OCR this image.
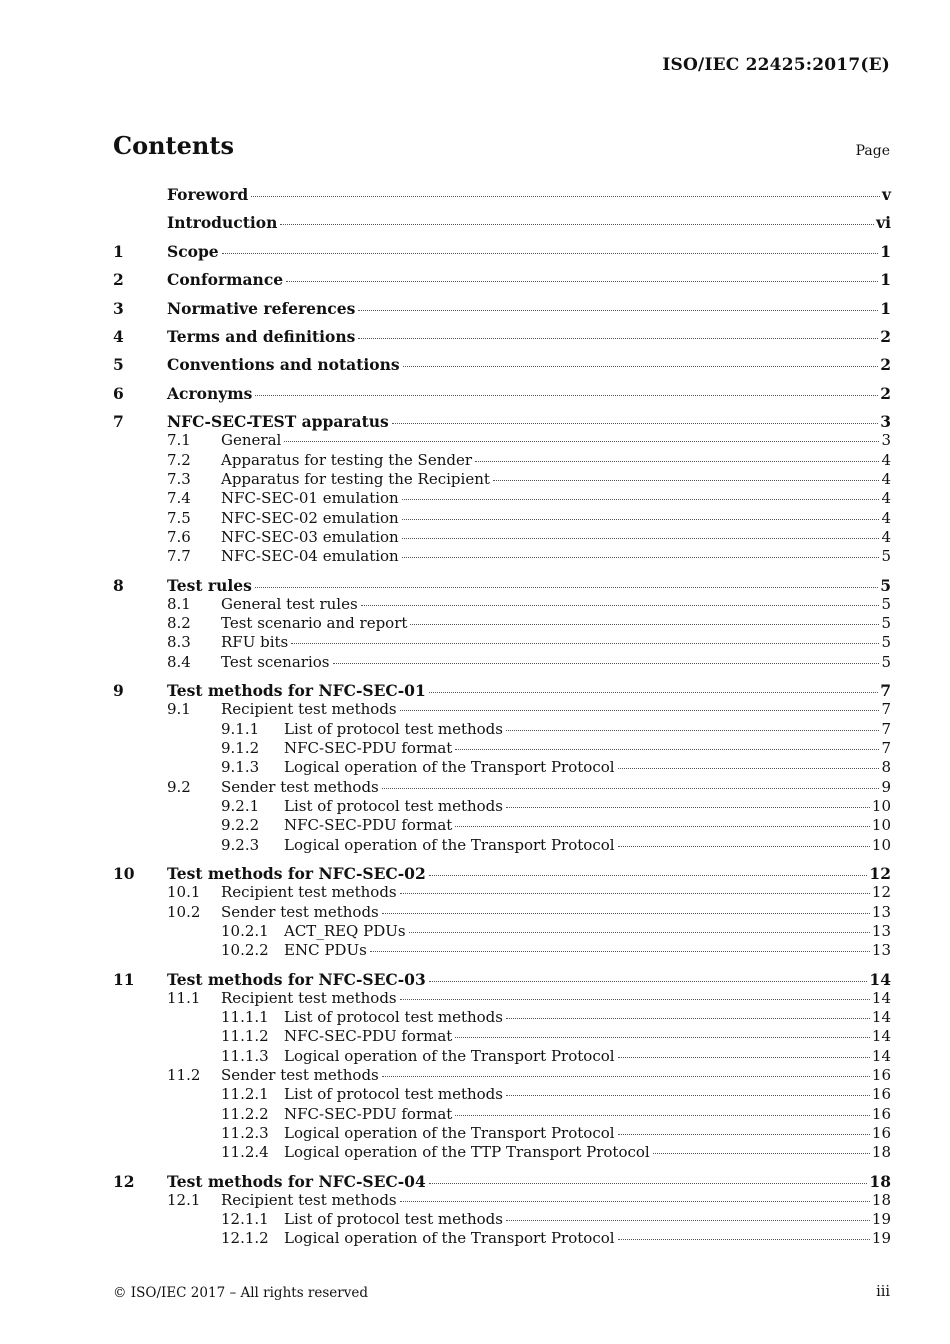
ISO/IEC 22425:2017(E)
Contents	Page
Foreword	v
Introduction	vi
1	Scope	1
2	Conformance	1
3	Normative references	1
4	Terms and definitions	2
5	Conventions and notations	2
6	Acronyms	2
7	NFC-SEC-TEST apparatus	3
7.1	General	3
7.2	Apparatus for testing the Sender	4
7.3	Apparatus for testing the Recipient	4
7.4	NFC-SEC-01 emulation	4
7.5	NFC-SEC-02 emulation	4
7.6	NFC-SEC-03 emulation	4
7.7	NFC-SEC-04 emulation	5
8	Test rules	5
8.1	General test rules	5
8.2	Test scenario and report	5
8.3	RFU bits	5
8.4	Test scenarios	5
9	Test methods for NFC-SEC-01	7
9.1	Recipient test methods	7
9.1.1	List of protocol test methods	7
9.1.2	NFC-SEC-PDU format	7
9.1.3	Logical operation of the Transport Protocol	8
9.2	Sender test methods	9
9.2.1	List of protocol test methods	10
9.2.2	NFC-SEC-PDU format	10
9.2.3	Logical operation of the Transport Protocol	10
10	Test methods for NFC-SEC-02	12
10.1	Recipient test methods	12
10.2	Sender test methods	13
10.2.1	ACT_REQ PDUs	13
10.2.2	ENC PDUs	13
11	Test methods for NFC-SEC-03	14
11.1	Recipient test methods	14
11.1.1	List of protocol test methods	14
11.1.2	NFC-SEC-PDU format	14
11.1.3	Logical operation of the Transport Protocol	14
11.2	Sender test methods	16
11.2.1	List of protocol test methods	16
11.2.2	NFC-SEC-PDU format	16
11.2.3	Logical operation of the Transport Protocol	16
11.2.4	Logical operation of the TTP Transport Protocol	18
12	Test methods for NFC-SEC-04	18
12.1	Recipient test methods	18
12.1.1	List of protocol test methods	19
12.1.2	Logical operation of the Transport Protocol	19
© ISO/IEC 2017 – All rights reserved	iii
